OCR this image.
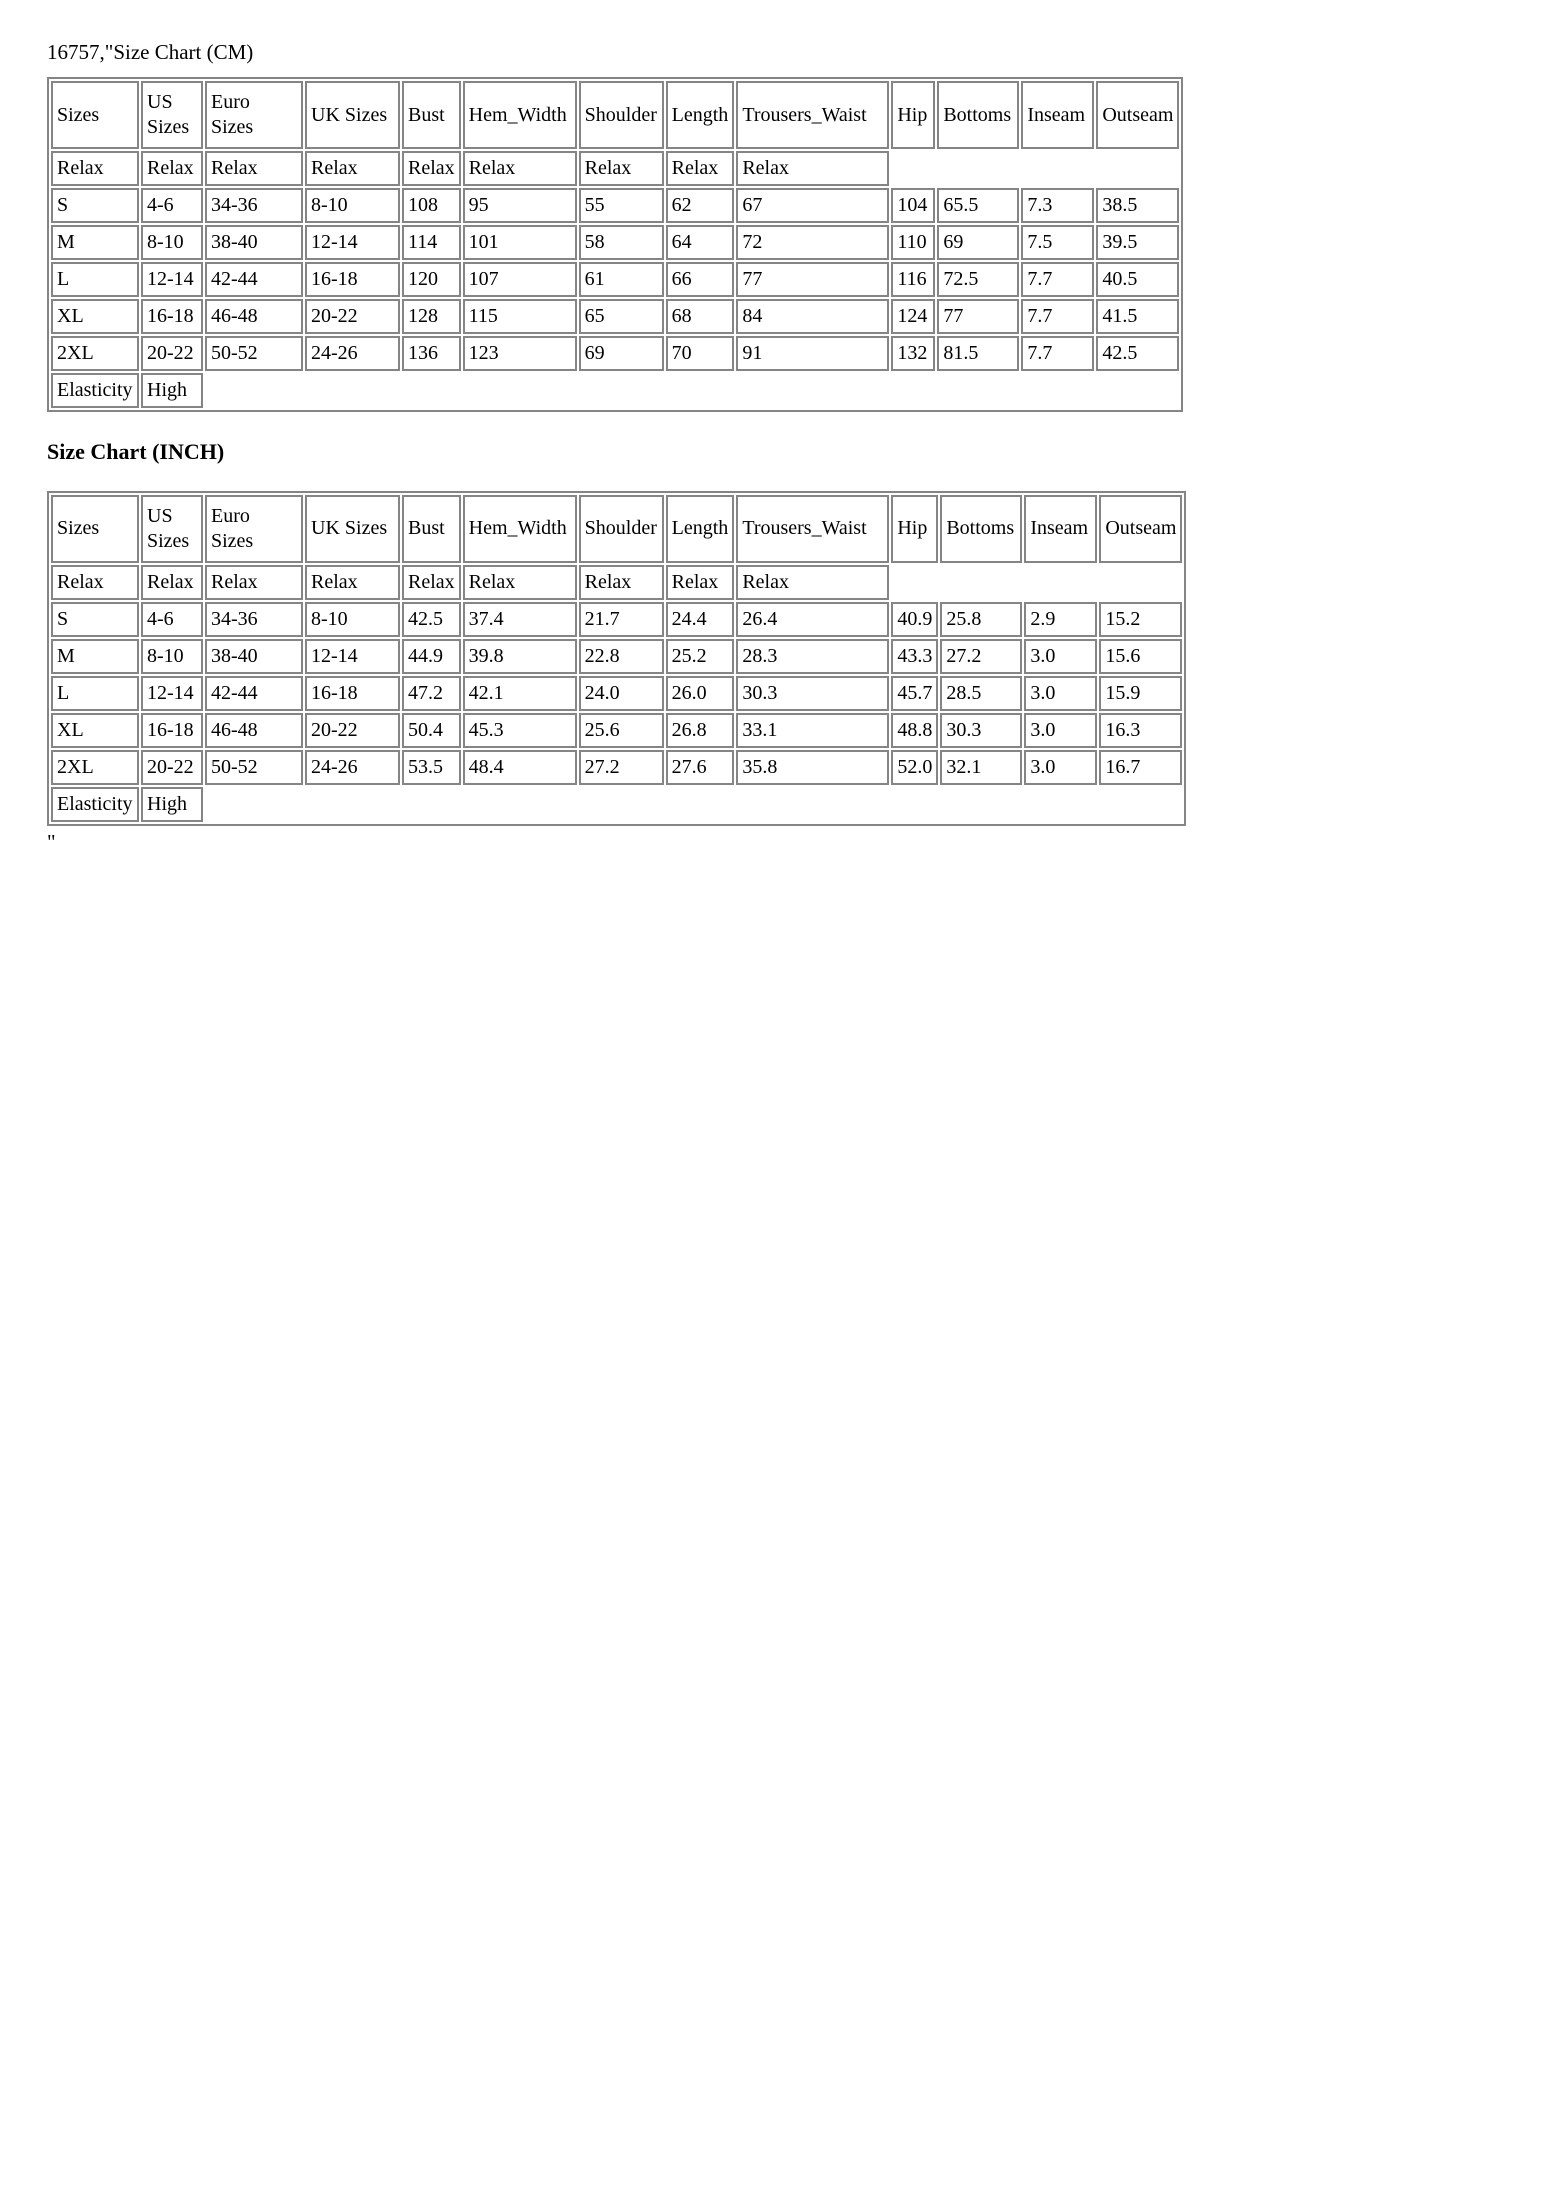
16757,"Size Chart (CM)
Sizes	US Sizes	Euro Sizes	UK Sizes	Bust	Hem_Width	Shoulder	Length	Trousers_Waist	Hip	Bottoms	Inseam	Outseam
Relax	Relax	Relax	Relax	Relax	Relax	Relax	Relax	Relax				
S	4-6	34-36	8-10	108	95	55	62	67	104	65.5	7.3	38.5
M	8-10	38-40	12-14	114	101	58	64	72	110	69	7.5	39.5
L	12-14	42-44	16-18	120	107	61	66	77	116	72.5	7.7	40.5
XL	16-18	46-48	20-22	128	115	65	68	84	124	77	7.7	41.5
2XL	20-22	50-52	24-26	136	123	69	70	91	132	81.5	7.7	42.5
Elasticity	High											
Size Chart (INCH)
Sizes	US Sizes	Euro Sizes	UK Sizes	Bust	Hem_Width	Shoulder	Length	Trousers_Waist	Hip	Bottoms	Inseam	Outseam
Relax	Relax	Relax	Relax	Relax	Relax	Relax	Relax	Relax				
S	4-6	34-36	8-10	42.5	37.4	21.7	24.4	26.4	40.9	25.8	2.9	15.2
M	8-10	38-40	12-14	44.9	39.8	22.8	25.2	28.3	43.3	27.2	3.0	15.6
L	12-14	42-44	16-18	47.2	42.1	24.0	26.0	30.3	45.7	28.5	3.0	15.9
XL	16-18	46-48	20-22	50.4	45.3	25.6	26.8	33.1	48.8	30.3	3.0	16.3
2XL	20-22	50-52	24-26	53.5	48.4	27.2	27.6	35.8	52.0	32.1	3.0	16.7
Elasticity	High											
"
